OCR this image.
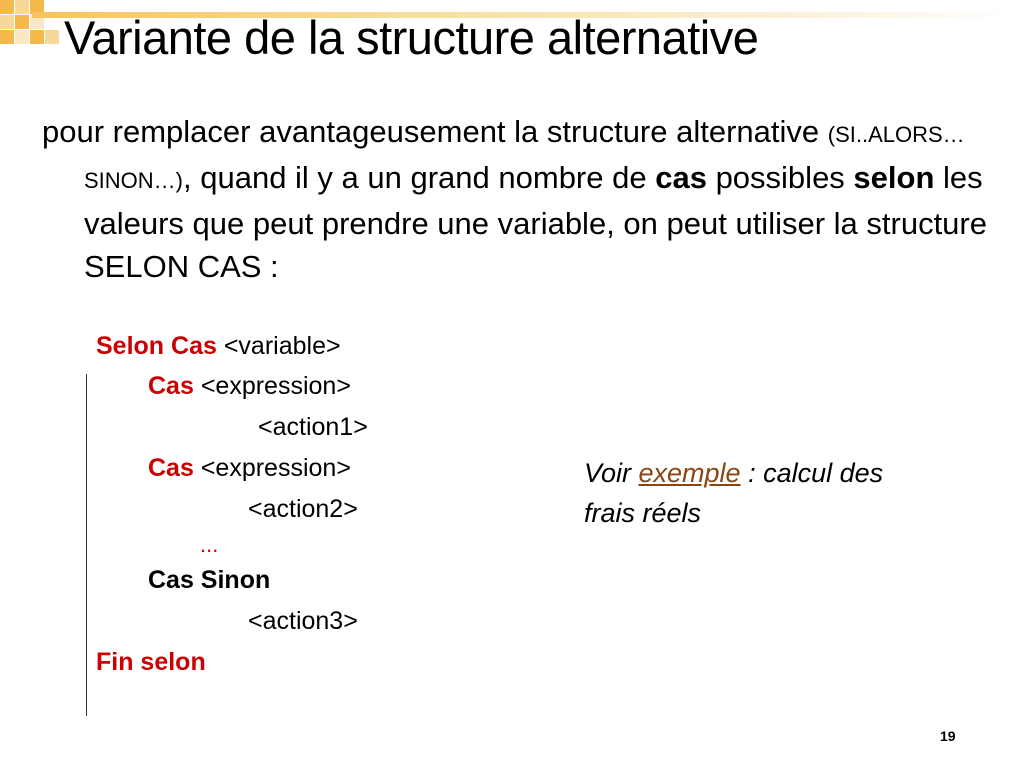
Variante de la structure alternative

pour remplacer avantageusement la structure alternative (SI..ALORS…SINON…), quand il y a un grand nombre de cas possibles selon les valeurs que peut prendre une variable, on peut utiliser la structure SELON CAS :

Selon Cas <variable>

Cas <expression>

<action1>

Cas <expression>

<action2>

...

Cas Sinon

<action3>

Fin selon

Voir exemple : calcul des frais réels

19
